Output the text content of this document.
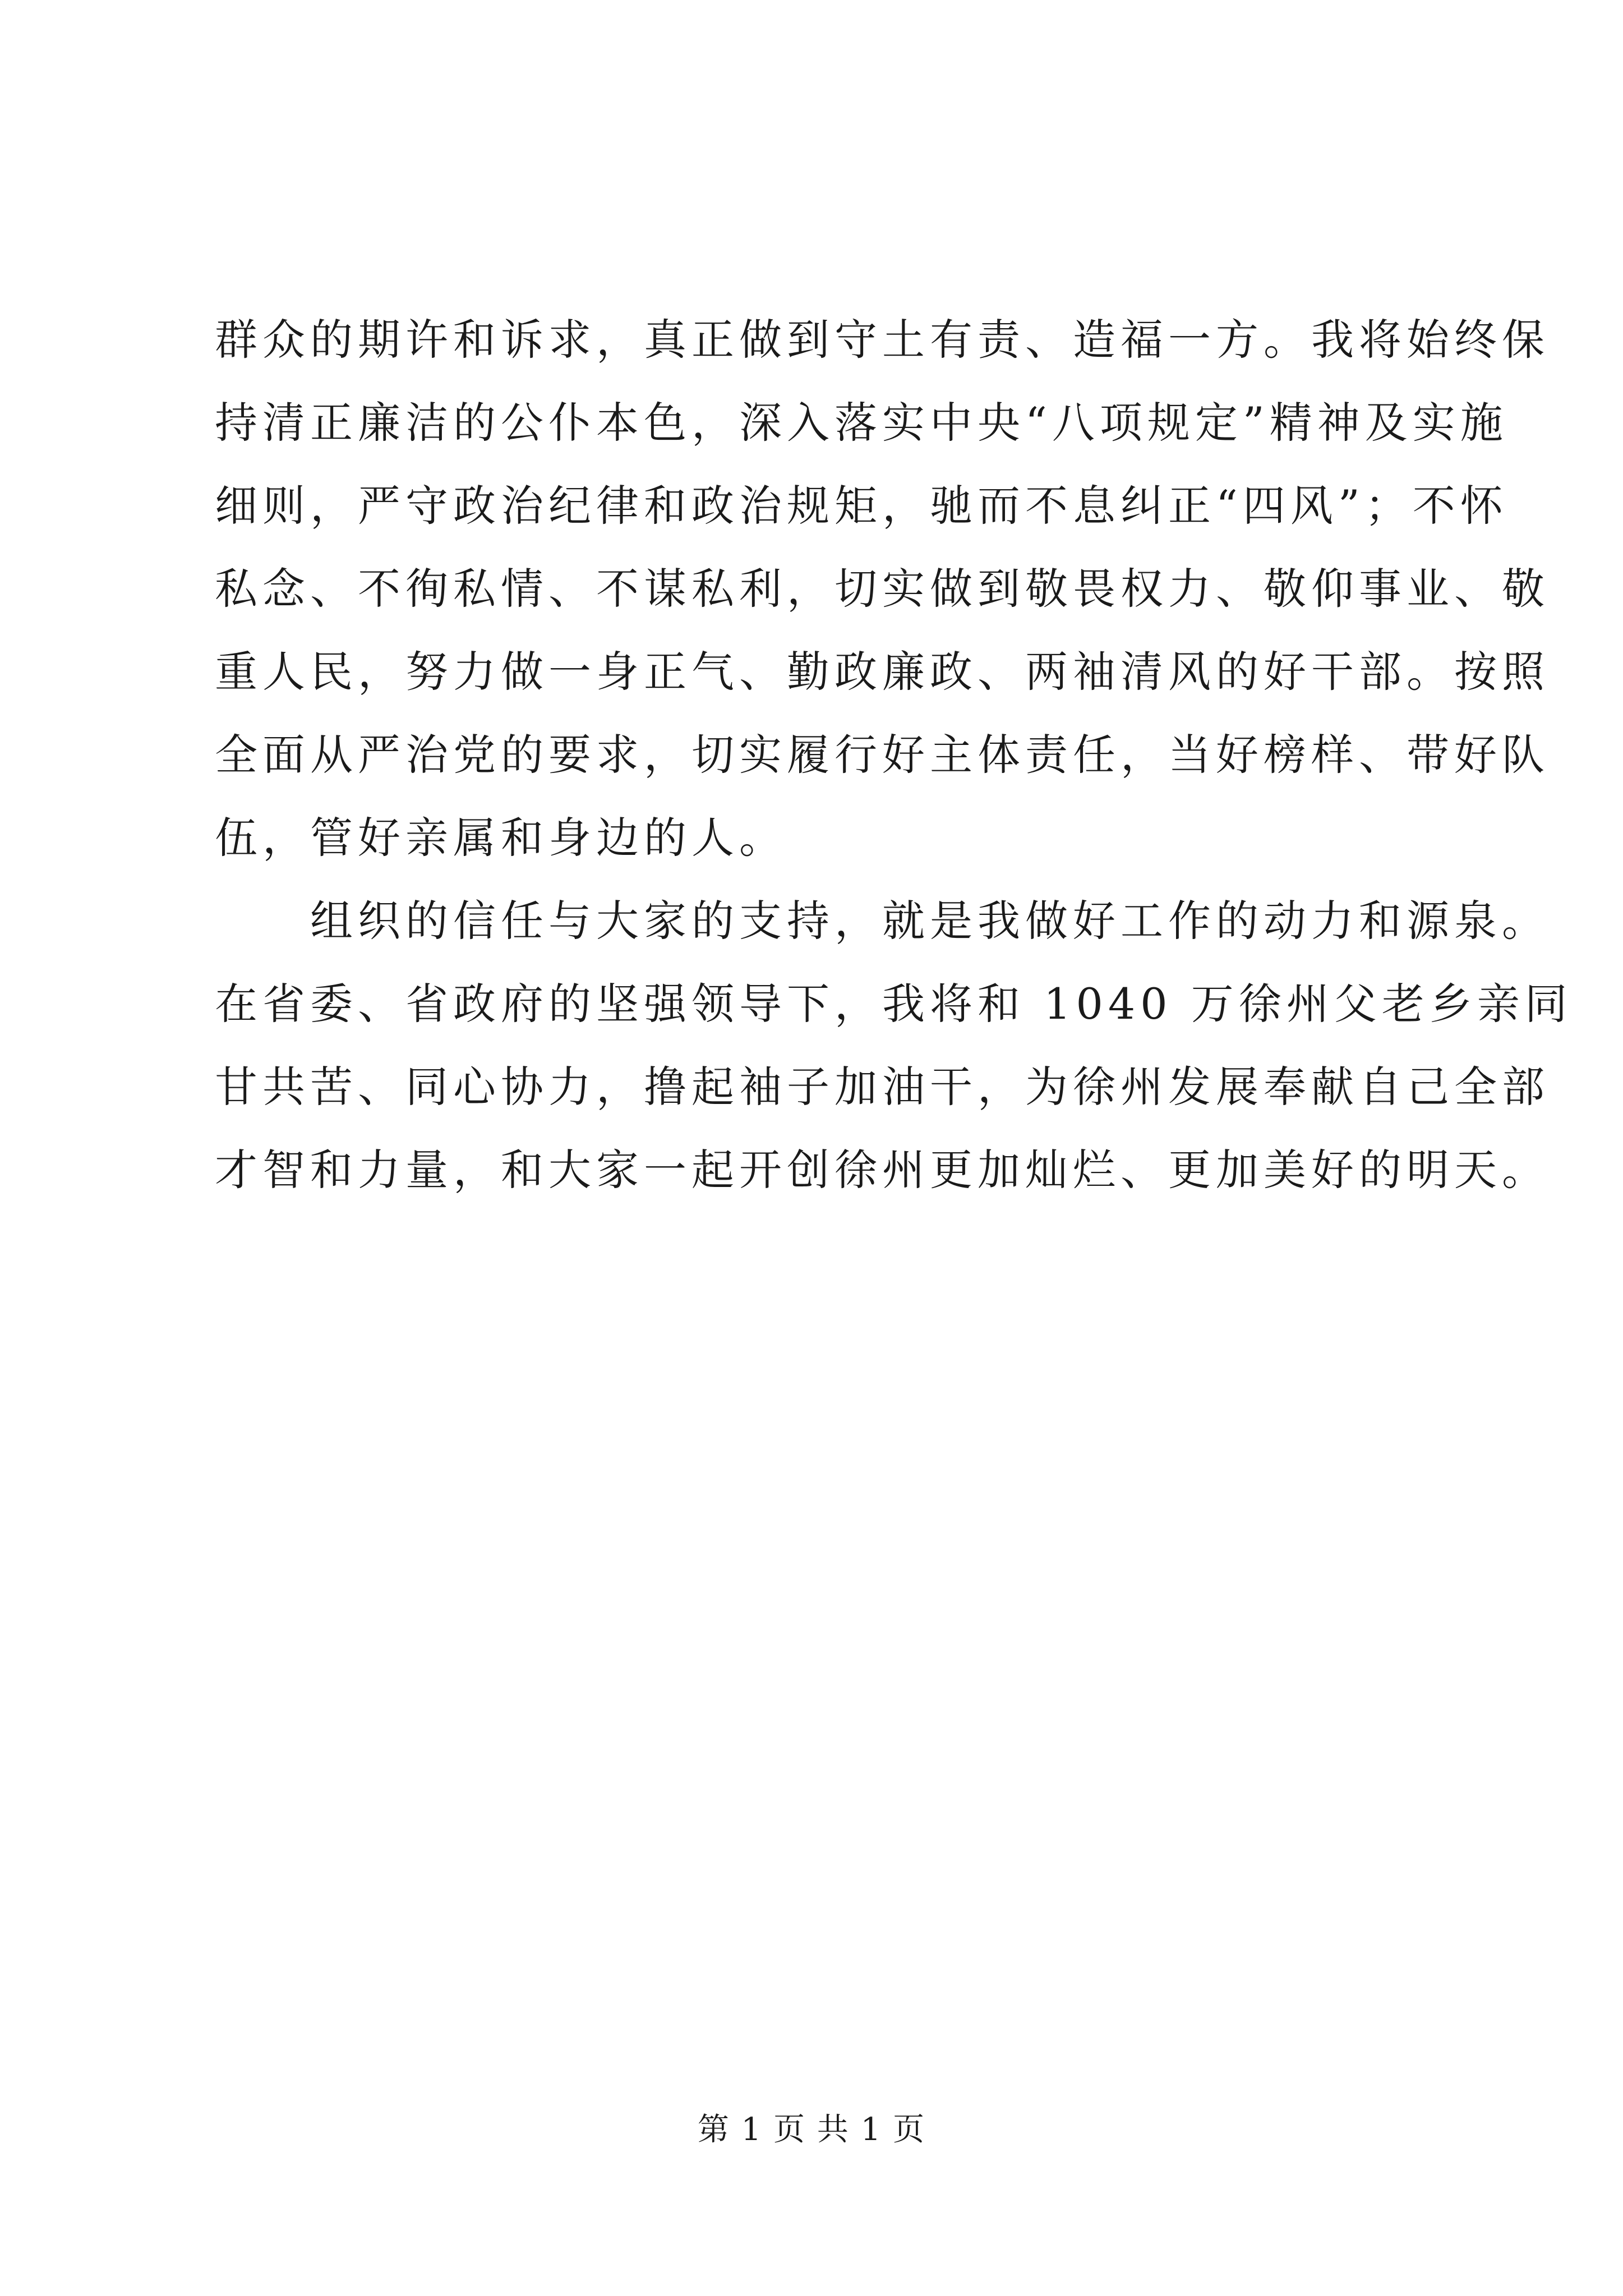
群众的期许和诉求，真正做到守土有责、造福一方。我将始终保
持清正廉洁的公仆本色，深入落实中央“八项规定”精神及实施
细则，严守政治纪律和政治规矩，驰而不息纠正“四风”；不怀
私念、不徇私情、不谋私利，切实做到敬畏权力、敬仰事业、敬
重人民，努力做一身正气、勤政廉政、两袖清风的好干部。按照
全面从严治党的要求，切实履行好主体责任，当好榜样、带好队
伍，管好亲属和身边的人。
　　组织的信任与大家的支持，就是我做好工作的动力和源泉。
在省委、省政府的坚强领导下，我将和 1040 万徐州父老乡亲同
甘共苦、同心协力，撸起袖子加油干，为徐州发展奉献自己全部
才智和力量，和大家一起开创徐州更加灿烂、更加美好的明天。
第 1 页 共 1 页
